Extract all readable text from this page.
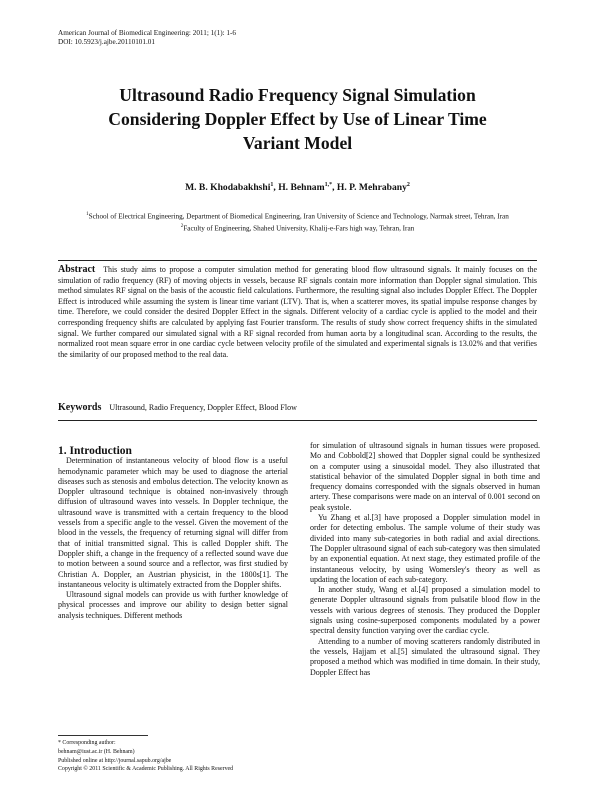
American Journal of Biomedical Engineering: 2011; 1(1): 1-6
DOI: 10.5923/j.ajbe.20110101.01
Ultrasound Radio Frequency Signal Simulation
Considering Doppler Effect by Use of Linear Time
Variant Model
M. B. Khodabakhshi$^1$, H. Behnam$^{1,*}$, H. P. Mehrabany$^2$
$^1$School of Electrical Engineering, Department of Biomedical Engineering, Iran University of Science and Technology, Narmak street, Tehran, Iran
$^2$Faculty of Engineering, Shahed University, Khalij-e-Fars high way, Tehran, Iran
Abstract This study aims to propose a computer simulation method for generating blood flow ultrasound signals. It mainly focuses on the simulation of radio frequency (RF) of moving objects in vessels, because RF signals contain more information than Doppler signal simulation. This method simulates RF signal on the basis of the acoustic field calculations. Furthermore, the resulting signal also includes Doppler Effect. The Doppler Effect is introduced while assuming the system is linear time variant (LTV). That is, when a scatterer moves, its spatial impulse response changes by time. Therefore, we could consider the desired Doppler Effect in the signals. Different velocity of a cardiac cycle is applied to the model and their corresponding frequency shifts are calculated by applying fast Fourier transform. The results of study show correct frequency shifts in the simulated signal. We further compared our simulated signal with a RF signal recorded from human aorta by a longitudinal scan. According to the results, the normalized root mean square error in one cardiac cycle between velocity profile of the simulated and experimental signals is 13.02% and that verifies the similarity of our proposed method to the real data.
Keywords Ultrasound, Radio Frequency, Doppler Effect, Blood Flow

1. Introduction

Determination of instantaneous velocity of blood flow is a useful hemodynamic parameter which may be used to diagnose the arterial diseases such as stenosis and embolus detection. The velocity known as Doppler ultrasound technique is obtained non-invasively through diffusion of ultrasound waves into vessels. In Doppler technique, the ultrasound wave is transmitted with a certain frequency to the blood vessels from a specific angle to the vessel. Given the movement of the blood in the vessels, the frequency of returning signal will differ from that of initial transmitted signal. This is called Doppler shift. The Doppler shift, a change in the frequency of a reflected sound wave due to motion between a sound source and a reflector, was first studied by Christian A. Doppler, an Austrian physicist, in the 1800s[1]. The instantaneous velocity is ultimately extracted from the Doppler shifts.

Ultrasound signal models can provide us with further knowledge of physical processes and improve our ability to design better signal analysis techniques. Different methods

for simulation of ultrasound signals in human tissues were proposed. Mo and Cobbold[2] showed that Doppler signal could be synthesized on a computer using a sinusoidal model. They also illustrated that statistical behavior of the simulated Doppler signal in both time and frequency domains corresponded with the signals observed in human artery. These comparisons were made on an interval of 0.001 second on peak systole.

Yu Zhang et al.[3] have proposed a Doppler simulation model in order for detecting embolus. The sample volume of their study was divided into many sub-categories in both radial and axial directions. The Doppler ultrasound signal of each sub-category was then simulated by an exponential equation. At next stage, they estimated profile of the instantaneous velocity, by using Womersley's theory as well as updating the location of each sub-category.

In another study, Wang et al.[4] proposed a simulation model to generate Doppler ultrasound signals from pulsatile blood flow in the vessels with various degrees of stenosis. They produced the Doppler signals using cosine-superposed components modulated by a power spectral density function varying over the cardiac cycle.

Attending to a number of moving scatterers randomly distributed in the vessels, Hajjam et al.[5] simulated the ultrasound signal. They proposed a method which was modified in time domain. In their study, Doppler Effect has

* Corresponding author:
behnam@iust.ac.ir (H. Behnam)
Published online at http://journal.sapub.org/ajbe
Copyright © 2011 Scientific & Academic Publishing. All Rights Reserved
